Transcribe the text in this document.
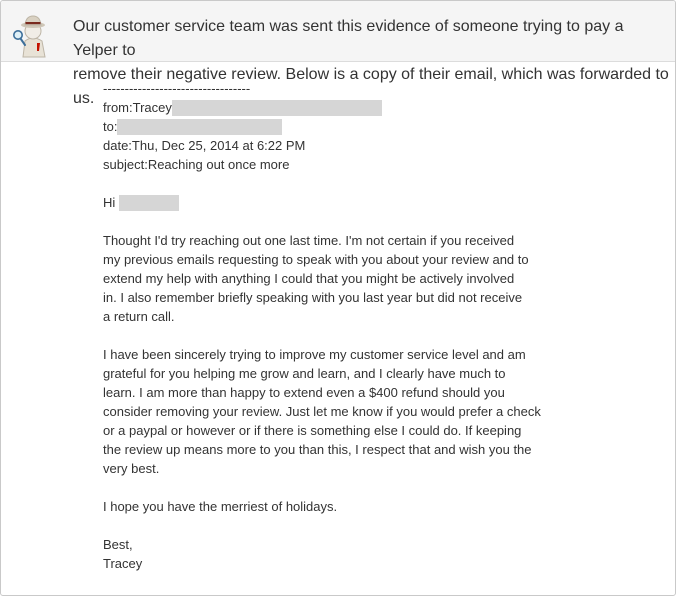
Our customer service team was sent this evidence of someone trying to pay a Yelper to
remove their negative review. Below is a copy of their email, which was forwarded to us.

----------------------------------
from: Tracey
to:
date: Thu, Dec 25, 2014 at 6:22 PM
subject: Reaching out once more
Hi

Thought I'd try reaching out one last time. I'm not certain if you received

my previous emails requesting to speak with you about your review and to

extend my help with anything I could that you might be actively involved

in. I also remember briefly speaking with you last year but did not receive

a return call.

I have been sincerely trying to improve my customer service level and am

grateful for you helping me grow and learn, and I clearly have much to

learn. I am more than happy to extend even a $400 refund should you

consider removing your review. Just let me know if you would prefer a check

or a paypal or however or if there is something else I could do. If keeping

the review up means more to you than this, I respect that and wish you the

very best.

I hope you have the merriest of holidays.

Best,
Tracey
